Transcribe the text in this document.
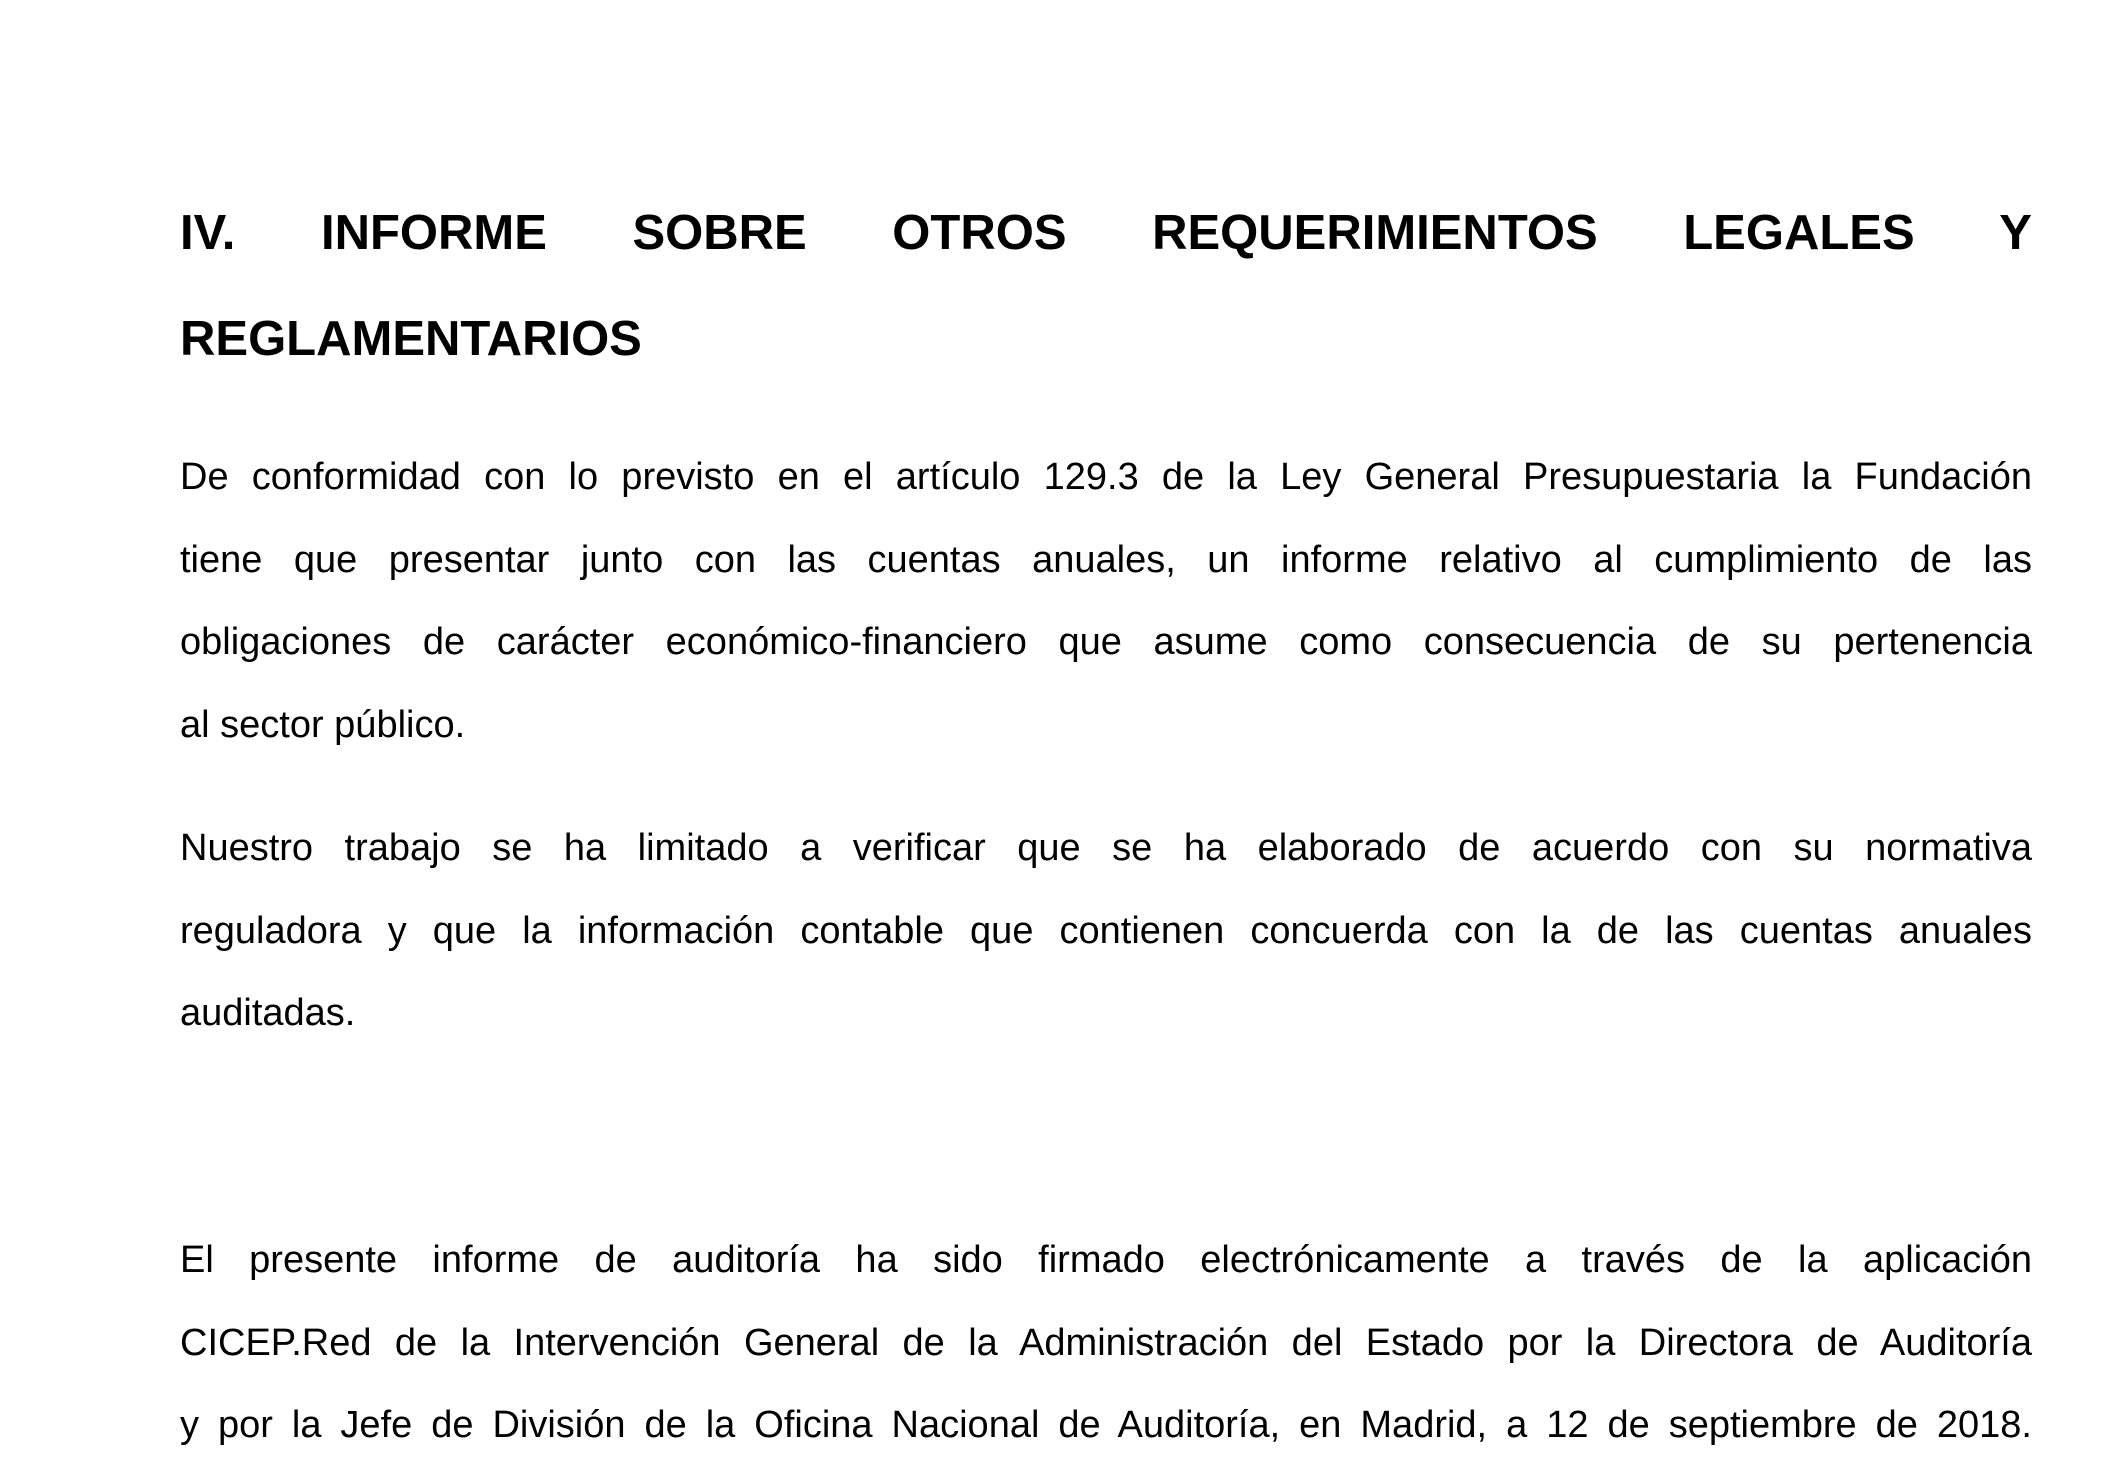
IV. INFORME SOBRE OTROS REQUERIMIENTOS LEGALES Y
REGLAMENTARIOS

De conformidad con lo previsto en el artículo 129.3 de la Ley General Presupuestaria la Fundación
tiene que presentar junto con las cuentas anuales, un informe relativo al cumplimiento de las
obligaciones de carácter económico-financiero que asume como consecuencia de su pertenencia
al sector público.

Nuestro trabajo se ha limitado a verificar que se ha elaborado de acuerdo con su normativa
reguladora y que la información contable que contienen concuerda con la de las cuentas anuales
auditadas.

El presente informe de auditoría ha sido firmado electrónicamente a través de la aplicación
CICEP.Red de la Intervención General de la Administración del Estado por la Directora de Auditoría
y por la Jefe de División de la Oficina Nacional de Auditoría, en Madrid, a 12 de septiembre de 2018.
